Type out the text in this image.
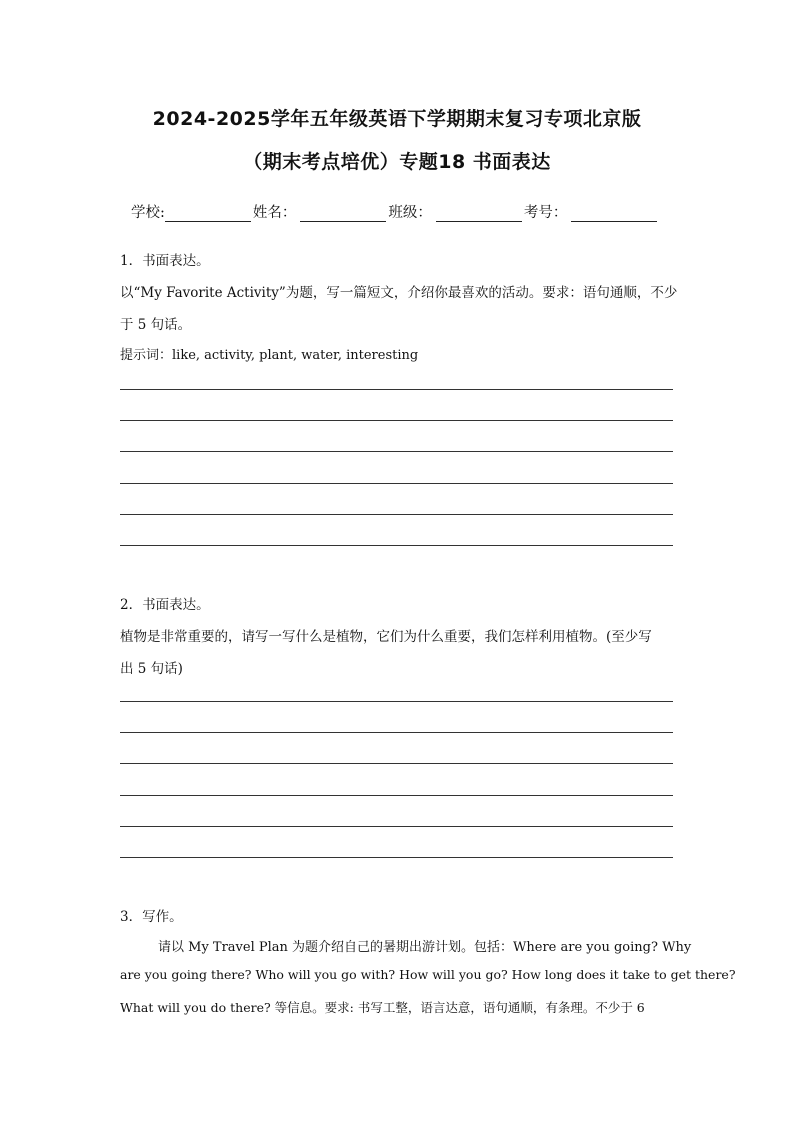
2024-2025学年五年级英语下学期期末复习专项北京版
（期末考点培优）专题18 书面表达
学校:	姓名：	班级：	考号：
1．书面表达。
以“My Favorite Activity”为题，写一篇短文，介绍你最喜欢的活动。要求：语句通顺，不少
于 5 句话。
提示词：like, activity, plant, water, interesting
2．书面表达。
植物是非常重要的，请写一写什么是植物，它们为什么重要，我们怎样利用植物。(至少写
出 5 句话)
3．写作。
请以 My Travel Plan 为题介绍自己的暑期出游计划。包括：Where are you going? Why
are you going there? Who will you go with? How will you go? How long does it take to get there?
What will you do there? 等信息。要求: 书写工整，语言达意，语句通顺，有条理。不少于 6
